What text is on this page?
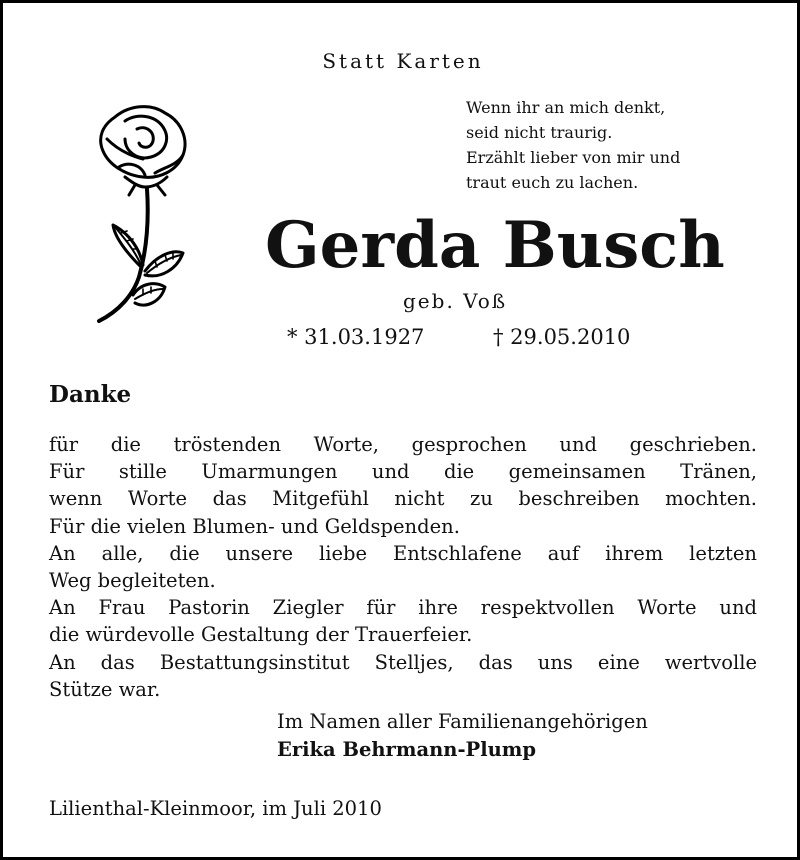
Statt Karten
Wenn ihr an mich denkt,
seid nicht traurig.
Erzählt lieber von mir und
traut euch zu lachen.
Gerda Busch
geb. Voß
* 31.03.1927	† 29.05.2010
Danke
für die tröstenden Worte, gesprochen und geschrieben.
Für stille Umarmungen und die gemeinsamen Tränen,
wenn Worte das Mitgefühl nicht zu beschreiben mochten.
Für die vielen Blumen- und Geldspenden.
An alle, die unsere liebe Entschlafene auf ihrem letzten
Weg begleiteten.
An Frau Pastorin Ziegler für ihre respektvollen Worte und
die würdevolle Gestaltung der Trauerfeier.
An das Bestattungsinstitut Stelljes, das uns eine wertvolle
Stütze war.
Im Namen aller Familienangehörigen
Erika Behrmann-Plump
Lilienthal-Kleinmoor, im Juli 2010
